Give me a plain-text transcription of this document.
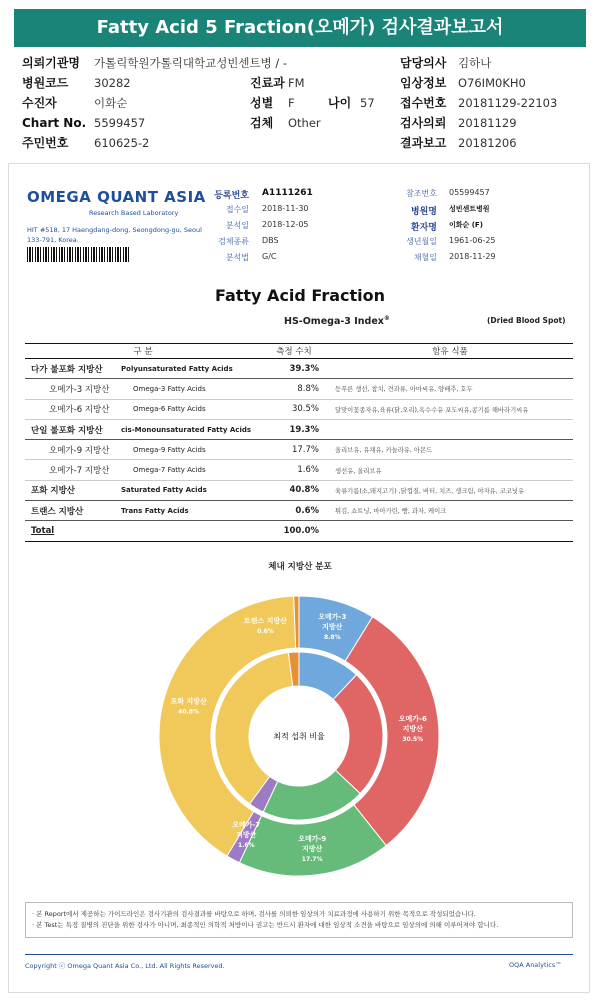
Fatty Acid 5 Fraction(오메가) 검사결과보고서
의뢰기관명 가톨릭학원가톨릭대학교성빈센트병 / -
병원코드 30282
수진자	이화순
Chart No. 5599457
주민번호 610625-2
진료과 FM
성별 F
검체 Other
나이 57
담당의사 김하나
임상정보 O76IM0KH0
접수번호 20181129-22103
검사의뢰 20181129
결과보고 20181206
OMEGA QUANT ASIA
Research Based Laboratory
HIT #518, 17 Haengdang-dong, Seongdong-gu, Seoul 133-791, Korea.
등록번호 A1111261
접수일 2018-11-30
분석일 2018-12-05
검체종류 DBS
분석법 G/C
참조번호 05599457
병원명 성빈센트병원
환자명 이화순 (F)
생년월일 1961-06-25
채혈일 2018-11-29
Fatty Acid Fraction
HS-Omega-3 Index®	(Dried Blood Spot)
구 분		측정 수치	함유 식품
다가 불포화 지방산	Polyunsaturated Fatty Acids	39.3%	
오메가-3 지방산	Omega-3 Fatty Acids	8.8%	등푸른 생선, 참치, 견과류, 아마씨유, 양배추, 호두
오메가-6 지방산	Omega-6 Fatty Acids	30.5%	달맞이꽃종자유,육류(닭,오리),옥수수유 포도씨유,콩기름 해바라기씨유
단일 불포화 지방산	cis-Monounsaturated Fatty Acids	19.3%	
오메가-9 지방산	Omega-9 Fatty Acids	17.7%	올리브유, 유채유, 카놀라유, 아몬드
오메가-7 지방산	Omega-7 Fatty Acids	1.6%	생선유, 올리브유
포화 지방산	Saturated Fatty Acids	40.8%	육류기름(소,돼지고기) ,닭껍질, 버터, 치즈, 생크림, 야자유, 코코넛유
트랜스 지방산	Trans Fatty Acids	0.6%	튀김, 쇼트닝, 마아가린, 빵, 과자, 케이크
Total		100.0%	
체내 지방산 분포
최적 섭취 비율
오메가-3 지방산 8.8%
오메가-6 지방산 30.5%
오메가-9 지방산 17.7%
오메가-7 지방산 1.6%
포화 지방산 40.8%
트랜스 지방산 0.6%
· 본 Report에서 제공하는 가이드라인은 검사기관의 검사결과를 바탕으로 하며, 검사를 의뢰한 임상의가 치료과정에 사용하기 위한 목적으로 작성되었습니다.
· 본 Test는 특정 질병의 진단을 위한 검사가 아니며, 최종적인 의학적 처방이나 권고는 반드시 환자에 대한 임상적 소견을 바탕으로 임상의에 의해 이루어져야 합니다.
Copyright ⓒ Omega Quant Asia Co., Ltd. All Rights Reserved.	OQA Analytics™
